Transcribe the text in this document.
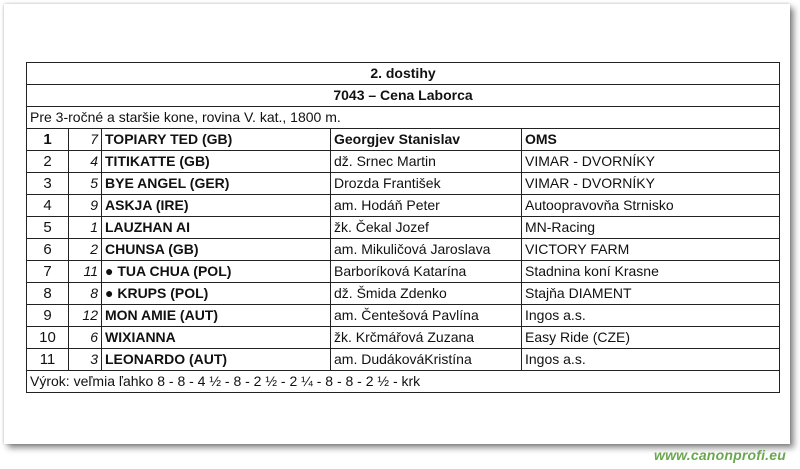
2. dostihy				
7043 – Cena Laborca				
Pre 3-ročné a staršie kone, rovina V. kat., 1800 m.				
1	7	TOPIARY TED (GB)	Georgjev Stanislav	OMS
2	4	TITIKATTE (GB)	dž. Srnec Martin	VIMAR - DVORNÍKY
3	5	BYE ANGEL (GER)	Drozda František	VIMAR - DVORNÍKY
4	9	ASKJA (IRE)	am. Hodáň Peter	Autoopravovňa Strnisko
5	1	LAUZHAN AI	žk. Čekal Jozef	MN-Racing
6	2	CHUNSA (GB)	am. Mikuličová Jaroslava	VICTORY FARM
7	11	● TUA CHUA (POL)	Barboríková Katarína	Stadnina koní Krasne
8	8	● KRUPS (POL)	dž. Šmida Zdenko	Stajňa DIAMENT
9	12	MON AMIE (AUT)	am. Čentešová Pavlína	Ingos a.s.
10	6	WIXIANNA	žk. Krčmářová Zuzana	Easy Ride (CZE)
11	3	LEONARDO (AUT)	am. DudákováKristína	Ingos a.s.
Výrok: veľmia ľahko 8 - 8 - 4 ½ - 8 - 2 ½ - 2 ¼ - 8 - 8 - 2 ½ - krk				
www.canonprofi.eu
